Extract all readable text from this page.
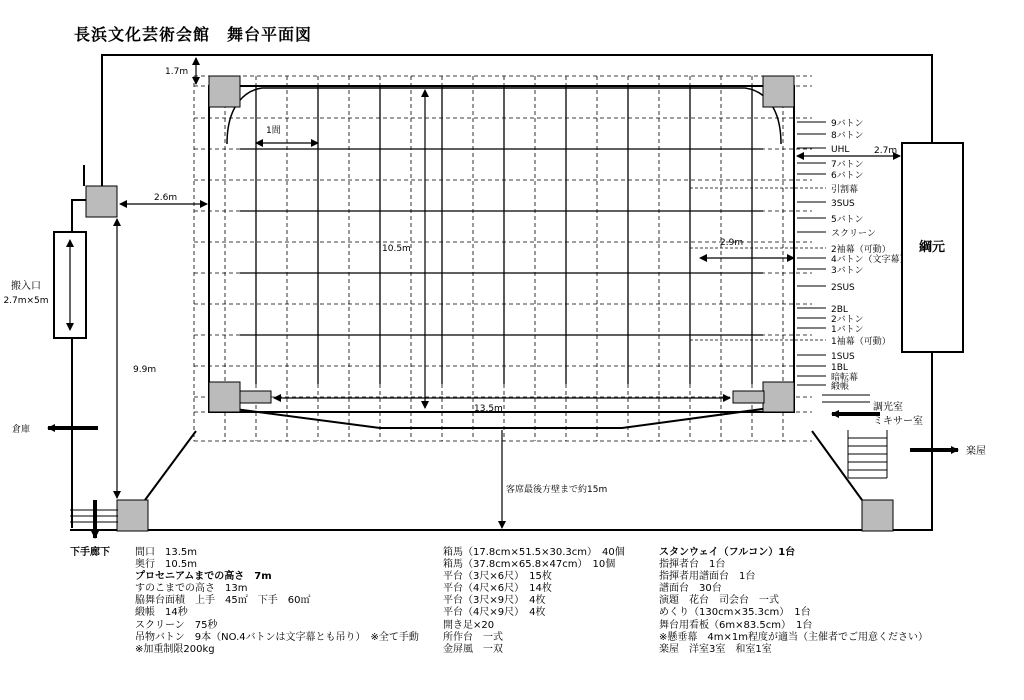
長浜文化芸術会館　舞台平面図
綱元
搬入口
2.7m×5m
倉庫
下手廊下
調光室
ミキサー室
楽屋
1.7m
1間
2.6m
10.5m
9.9m
13.5m
2.7m
2.9m
客席最後方壁まで約15m
9バトン
8バトン
UHL
7バトン
6バトン
引割幕
3SUS
5バトン
スクリーン
2袖幕（可動）
4バトン（文字幕）
3バトン
2SUS
2BL
2バトン
1バトン
1袖幕（可動）
1SUS
1BL
暗転幕
緞帳
間口　13.5m
奥行　10.5m
プロセニアムまでの高さ　7m
すのこまでの高さ　13m
脇舞台面積　上手　45㎡　下手　60㎡
緞帳　14秒
スクリーン　75秒
吊物バトン　9本（NO.4バトンは文字幕とも吊り）　※全て手動
※加重制限200kg
箱馬（17.8cm×51.5×30.3cm）　40個
箱馬（37.8cm×65.8×47cm）　10個
平台（3尺×6尺）　15枚
平台（4尺×6尺）　14枚
平台（3尺×9尺）　4枚
平台（4尺×9尺）　4枚
開き足×20
所作台　一式
金屏風　一双
スタンウェイ（フルコン）1台
指揮者台　1台
指揮者用譜面台　1台
譜面台　30台
演題　花台　司会台　一式
めくり（130cm×35.3cm）　1台
舞台用看板（6m×83.5cm）　1台
※懸垂幕　4m×1m程度が適当（主催者でご用意ください）
楽屋　洋室3室　和室1室
